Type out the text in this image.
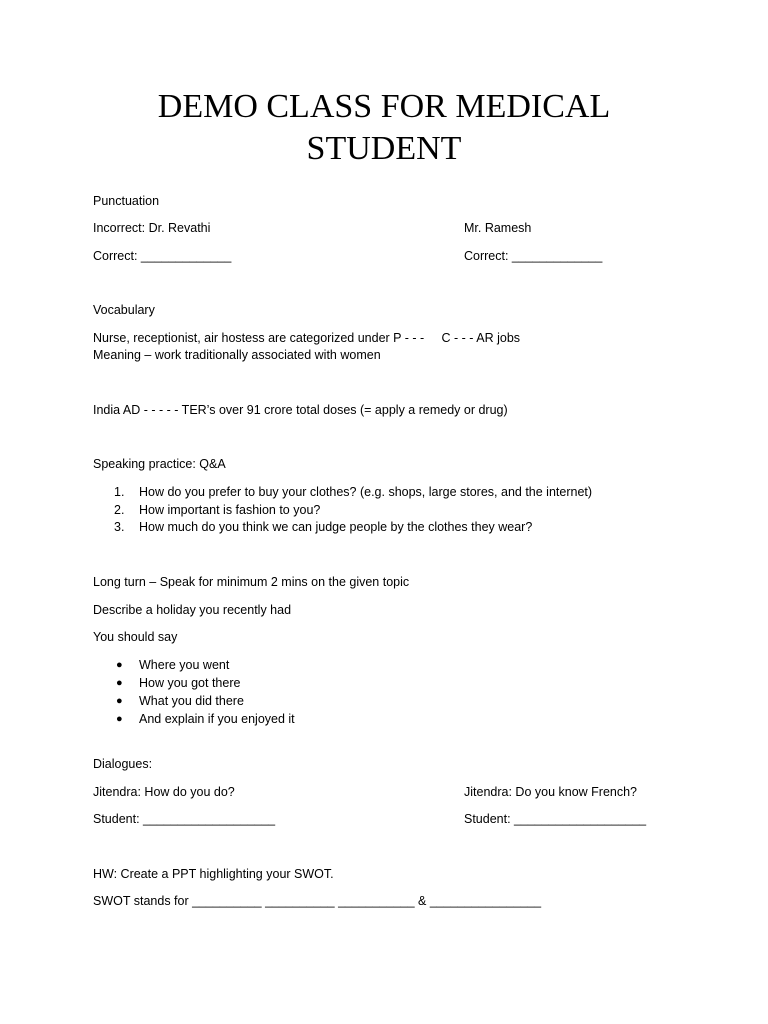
DEMO CLASS FOR MEDICAL
STUDENT
Punctuation
Incorrect: Dr. Revathi	Mr. Ramesh
Correct: _____________	Correct: _____________
Vocabulary
Nurse, receptionist, air hostess are categorized under P - - -     C - - - AR jobs
Meaning – work traditionally associated with women
India AD - - - - - TER’s over 91 crore total doses (= apply a remedy or drug)
Speaking practice: Q&A
1. How do you prefer to buy your clothes? (e.g. shops, large stores, and the internet)
2. How important is fashion to you?
3. How much do you think we can judge people by the clothes they wear?
Long turn – Speak for minimum 2 mins on the given topic
Describe a holiday you recently had
You should say
● Where you went
● How you got there
● What you did there
● And explain if you enjoyed it
Dialogues:
Jitendra: How do you do?	Jitendra: Do you know French?
Student: ___________________	Student: ___________________
HW: Create a PPT highlighting your SWOT.
SWOT stands for __________ __________ ___________ & ________________
